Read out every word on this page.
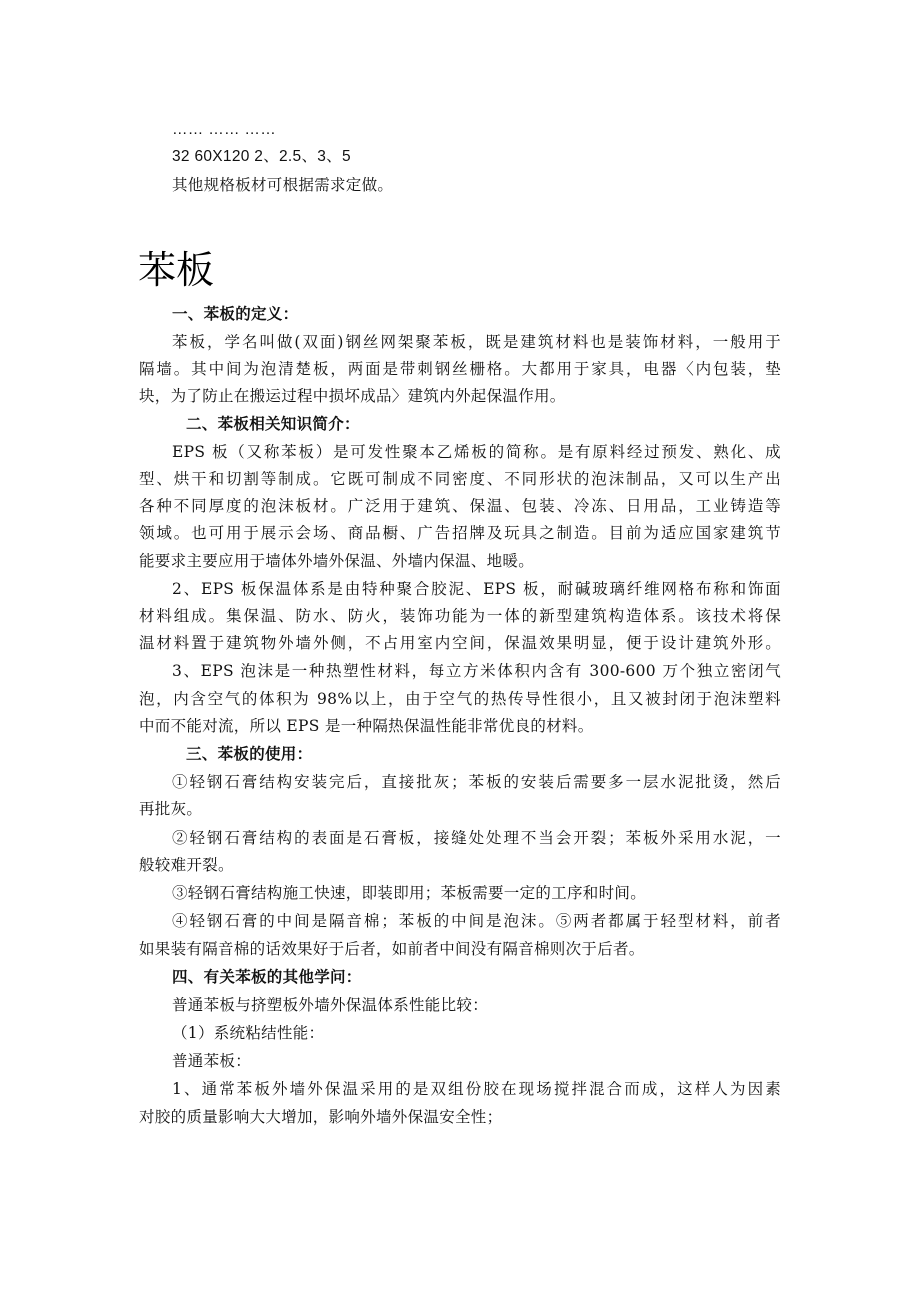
…… …… ……
32 60X120 2、2.5、3、5
其他规格板材可根据需求定做。
苯板
一、苯板的定义：
苯板，学名叫做(双面)钢丝网架聚苯板，既是建筑材料也是装饰材料，一般用于
隔墙。其中间为泡清楚板，两面是带刺钢丝栅格。大都用于家具，电器〈内包装，垫
块，为了防止在搬运过程中损坏成品〉建筑内外起保温作用。
二、苯板相关知识简介：
EPS 板（又称苯板）是可发性聚本乙烯板的简称。是有原料经过预发、熟化、成
型、烘干和切割等制成。它既可制成不同密度、不同形状的泡沫制品，又可以生产出
各种不同厚度的泡沫板材。广泛用于建筑、保温、包装、冷冻、日用品，工业铸造等
领域。也可用于展示会场、商品橱、广告招牌及玩具之制造。目前为适应国家建筑节
能要求主要应用于墙体外墙外保温、外墙内保温、地暖。
2、EPS 板保温体系是由特种聚合胶泥、EPS 板，耐碱玻璃纤维网格布称和饰面
材料组成。集保温、防水、防火，装饰功能为一体的新型建筑构造体系。该技术将保
温材料置于建筑物外墙外侧，不占用室内空间，保温效果明显，便于设计建筑外形。
3、EPS 泡沫是一种热塑性材料，每立方米体积内含有 300-600 万个独立密闭气
泡，内含空气的体积为 98%以上，由于空气的热传导性很小，且又被封闭于泡沫塑料
中而不能对流，所以 EPS 是一种隔热保温性能非常优良的材料。
三、苯板的使用：
①轻钢石膏结构安装完后，直接批灰；苯板的安装后需要多一层水泥批烫，然后
再批灰。
②轻钢石膏结构的表面是石膏板，接缝处处理不当会开裂；苯板外采用水泥，一
般较难开裂。
③轻钢石膏结构施工快速，即装即用；苯板需要一定的工序和时间。
④轻钢石膏的中间是隔音棉；苯板的中间是泡沫。⑤两者都属于轻型材料，前者
如果装有隔音棉的话效果好于后者，如前者中间没有隔音棉则次于后者。
四、有关苯板的其他学问：
普通苯板与挤塑板外墙外保温体系性能比较：
（1）系统粘结性能：
普通苯板：
1、通常苯板外墙外保温采用的是双组份胶在现场搅拌混合而成，这样人为因素
对胶的质量影响大大增加，影响外墙外保温安全性；
